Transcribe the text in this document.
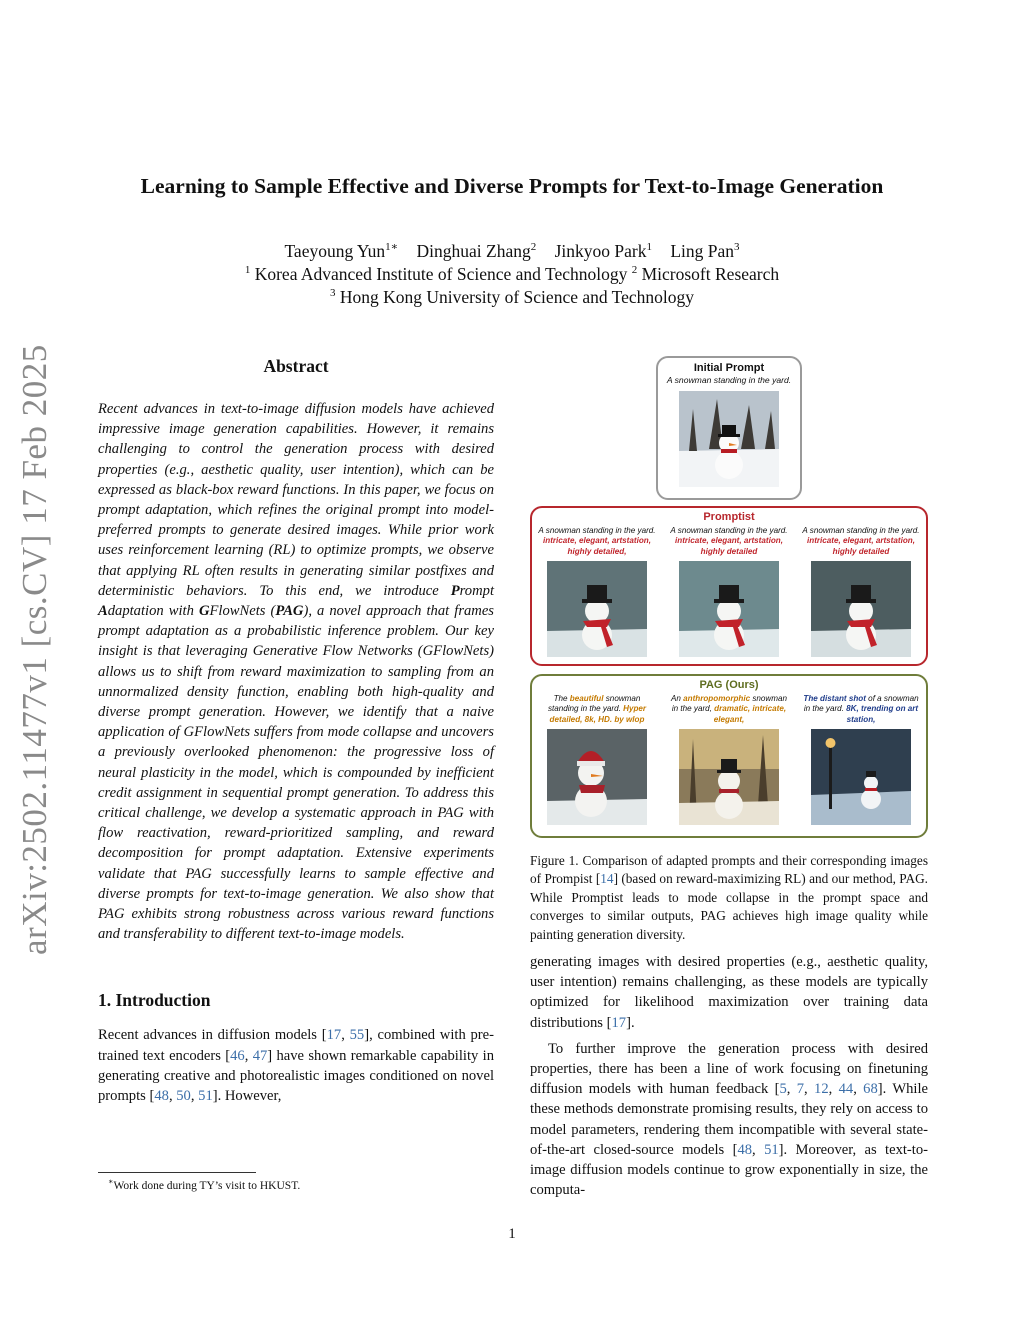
arXiv:2502.11477v1 [cs.CV] 17 Feb 2025
Learning to Sample Effective and Diverse Prompts for Text-to-Image Generation
Taeyoung Yun$^{1∗}$ Dinghuai Zhang$^2$ Jinkyoo Park$^1$ Ling Pan$^3$
$^1$ Korea Advanced Institute of Science and Technology $^2$ Microsoft Research
$^3$ Hong Kong University of Science and Technology
Abstract
Recent advances in text-to-image diffusion models have achieved impressive image generation capabilities. However, it remains challenging to control the generation process with desired properties (e.g., aesthetic quality, user intention), which can be expressed as black-box reward functions. In this paper, we focus on prompt adaptation, which refines the original prompt into model-preferred prompts to generate desired images. While prior work uses reinforcement learning (RL) to optimize prompts, we observe that applying RL often results in generating similar postfixes and deterministic behaviors. To this end, we introduce Prompt Adaptation with GFlowNets (PAG), a novel approach that frames prompt adaptation as a probabilistic inference problem. Our key insight is that leveraging Generative Flow Networks (GFlowNets) allows us to shift from reward maximization to sampling from an unnormalized density function, enabling both high-quality and diverse prompt generation. However, we identify that a naive application of GFlowNets suffers from mode collapse and uncovers a previously overlooked phenomenon: the progressive loss of neural plasticity in the model, which is compounded by inefficient credit assignment in sequential prompt generation. To address this critical challenge, we develop a systematic approach in PAG with flow reactivation, reward-prioritized sampling, and reward decomposition for prompt adaptation. Extensive experiments validate that PAG successfully learns to sample effective and diverse prompts for text-to-image generation. We also show that PAG exhibits strong robustness across various reward functions and transferability to different text-to-image models.
1. Introduction
Recent advances in diffusion models [17, 55], combined with pre-trained text encoders [46, 47] have shown remarkable capability in generating creative and photorealistic images conditioned on novel prompts [48, 50, 51]. However,
∗Work done during TY’s visit to HKUST.
Initial Prompt
A snowman standing in the yard.
Promptist
A snowman standing in the yard. intricate, elegant, artstation, highly detailed,
A snowman standing in the yard. intricate, elegant, artstation, highly detailed
A snowman standing in the yard. intricate, elegant, artstation, highly detailed
PAG (Ours)
The beautiful snowman standing in the yard. Hyper detailed, 8k, HD. by wlop
An anthropomorphic snowman in the yard, dramatic, intricate, elegant,
The distant shot of a snowman in the yard. 8K, trending on art station,
Figure 1. Comparison of adapted prompts and their corresponding images of Prompist [14] (based on reward-maximizing RL) and our method, PAG. While Promptist leads to mode collapse in the prompt space and converges to similar outputs, PAG achieves high image quality while painting generation diversity.
generating images with desired properties (e.g., aesthetic quality, user intention) remains challenging, as these models are typically optimized for likelihood maximization over training data distributions [17].
To further improve the generation process with desired properties, there has been a line of work focusing on finetuning diffusion models with human feedback [5, 7, 12, 44, 68]. While these methods demonstrate promising results, they rely on access to model parameters, rendering them incompatible with several state-of-the-art closed-source models [48, 51]. Moreover, as text-to-image diffusion models continue to grow exponentially in size, the computa-
1
